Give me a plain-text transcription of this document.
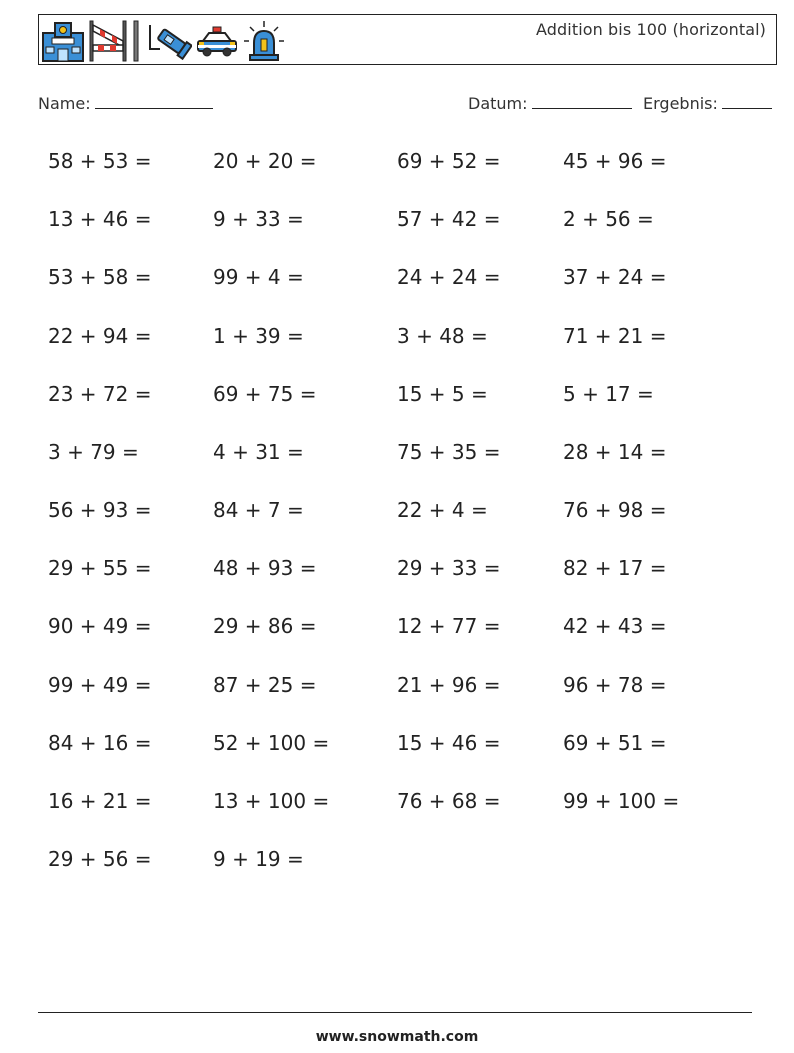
Addition bis 100 (horizontal)
Name:	Datum:	Ergebnis:
58 + 53 =	20 + 20 =	69 + 52 =	45 + 96 =
13 + 46 =	9 + 33 =	57 + 42 =	2 + 56 =
53 + 58 =	99 + 4 =	24 + 24 =	37 + 24 =
22 + 94 =	1 + 39 =	3 + 48 =	71 + 21 =
23 + 72 =	69 + 75 =	15 + 5 =	5 + 17 =
3 + 79 =	4 + 31 =	75 + 35 =	28 + 14 =
56 + 93 =	84 + 7 =	22 + 4 =	76 + 98 =
29 + 55 =	48 + 93 =	29 + 33 =	82 + 17 =
90 + 49 =	29 + 86 =	12 + 77 =	42 + 43 =
99 + 49 =	87 + 25 =	21 + 96 =	96 + 78 =
84 + 16 =	52 + 100 =	15 + 46 =	69 + 51 =
16 + 21 =	13 + 100 =	76 + 68 =	99 + 100 =
29 + 56 =	9 + 19 =
www.snowmath.com
